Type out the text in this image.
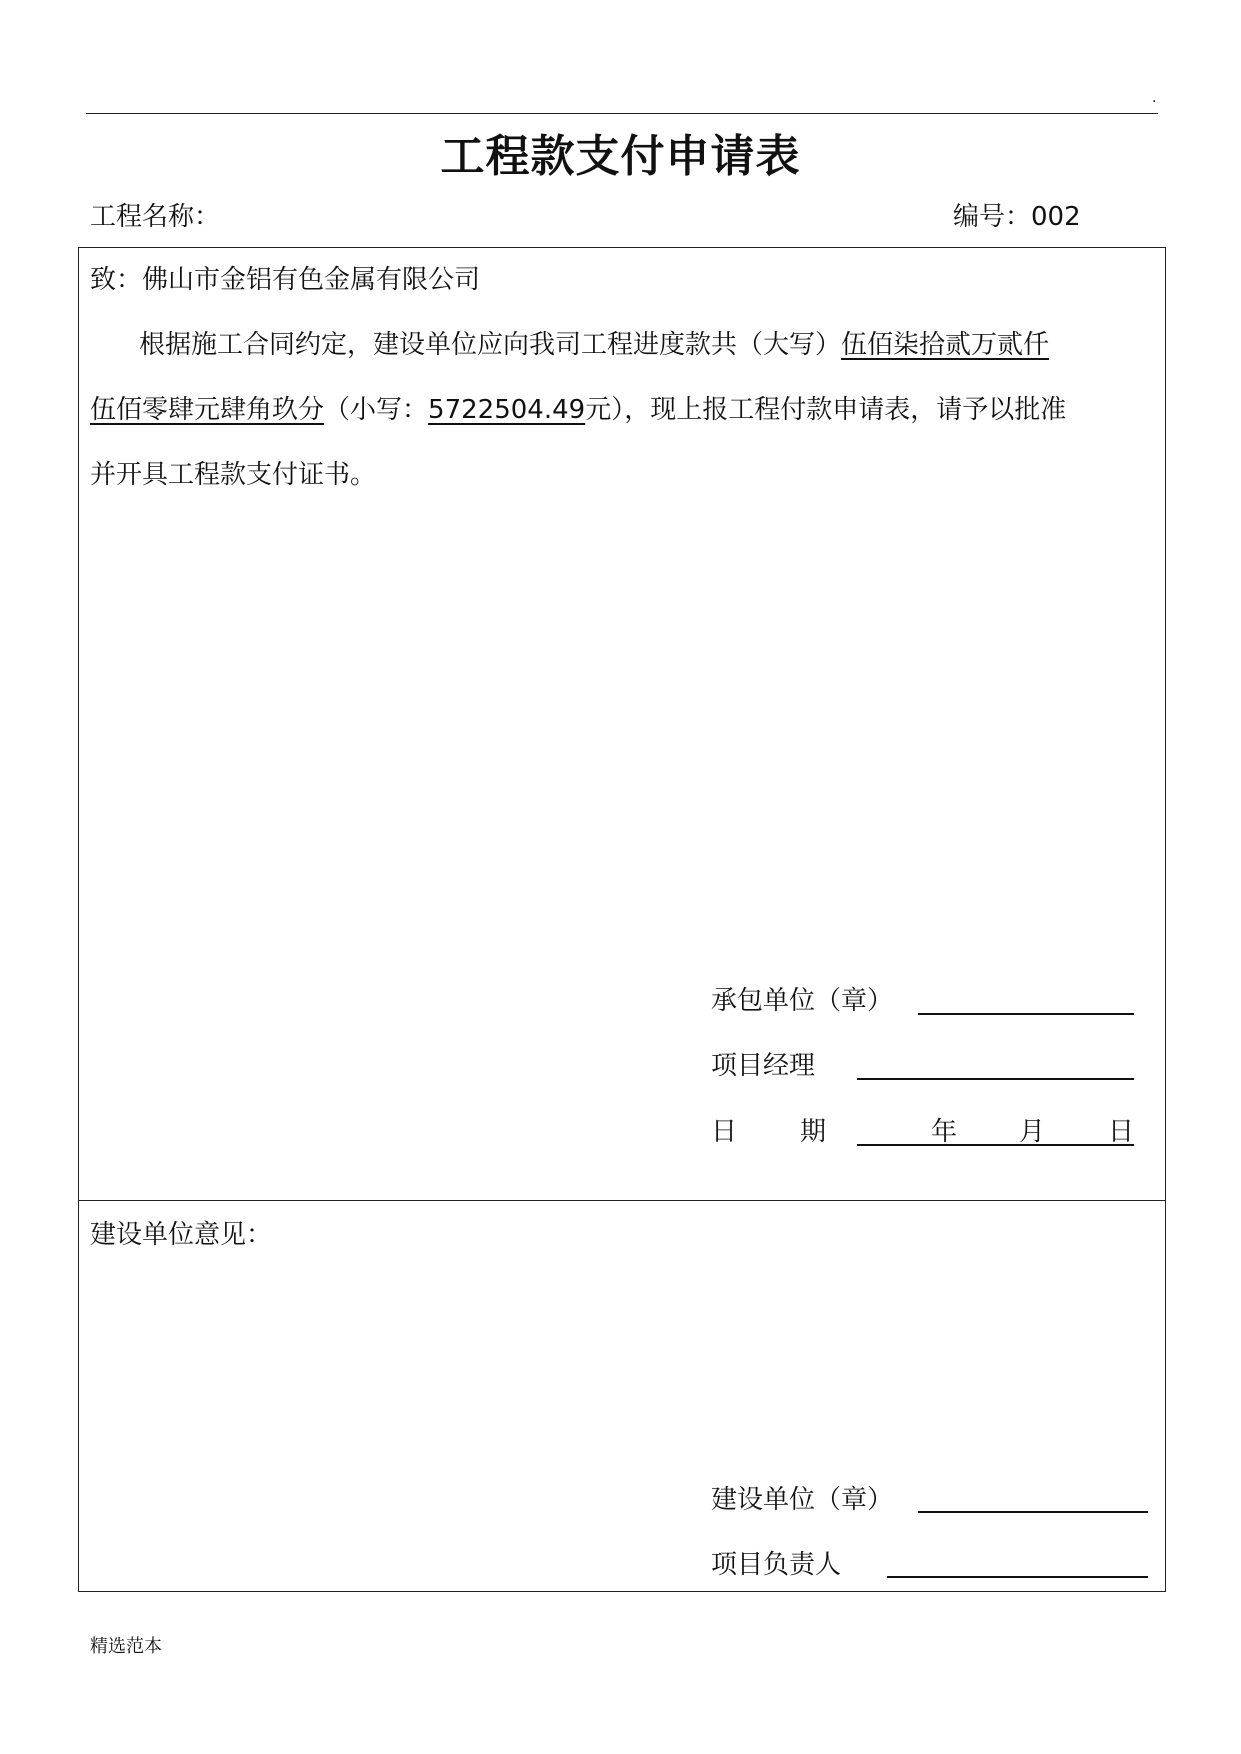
.
工程款支付申请表
工程名称：	编号：002
致：佛山市金铝有色金属有限公司
根据施工合同约定，建设单位应向我司工程进度款共（大写）伍佰柒拾贰万贰仟
伍佰零肆元肆角玖分（小写：5722504.49元），现上报工程付款申请表，请予以批准
并开具工程款支付证书。
承包单位（章）
项目经理
日 期	年 月 日
建设单位意见：
建设单位（章）
项目负责人
精选范本
